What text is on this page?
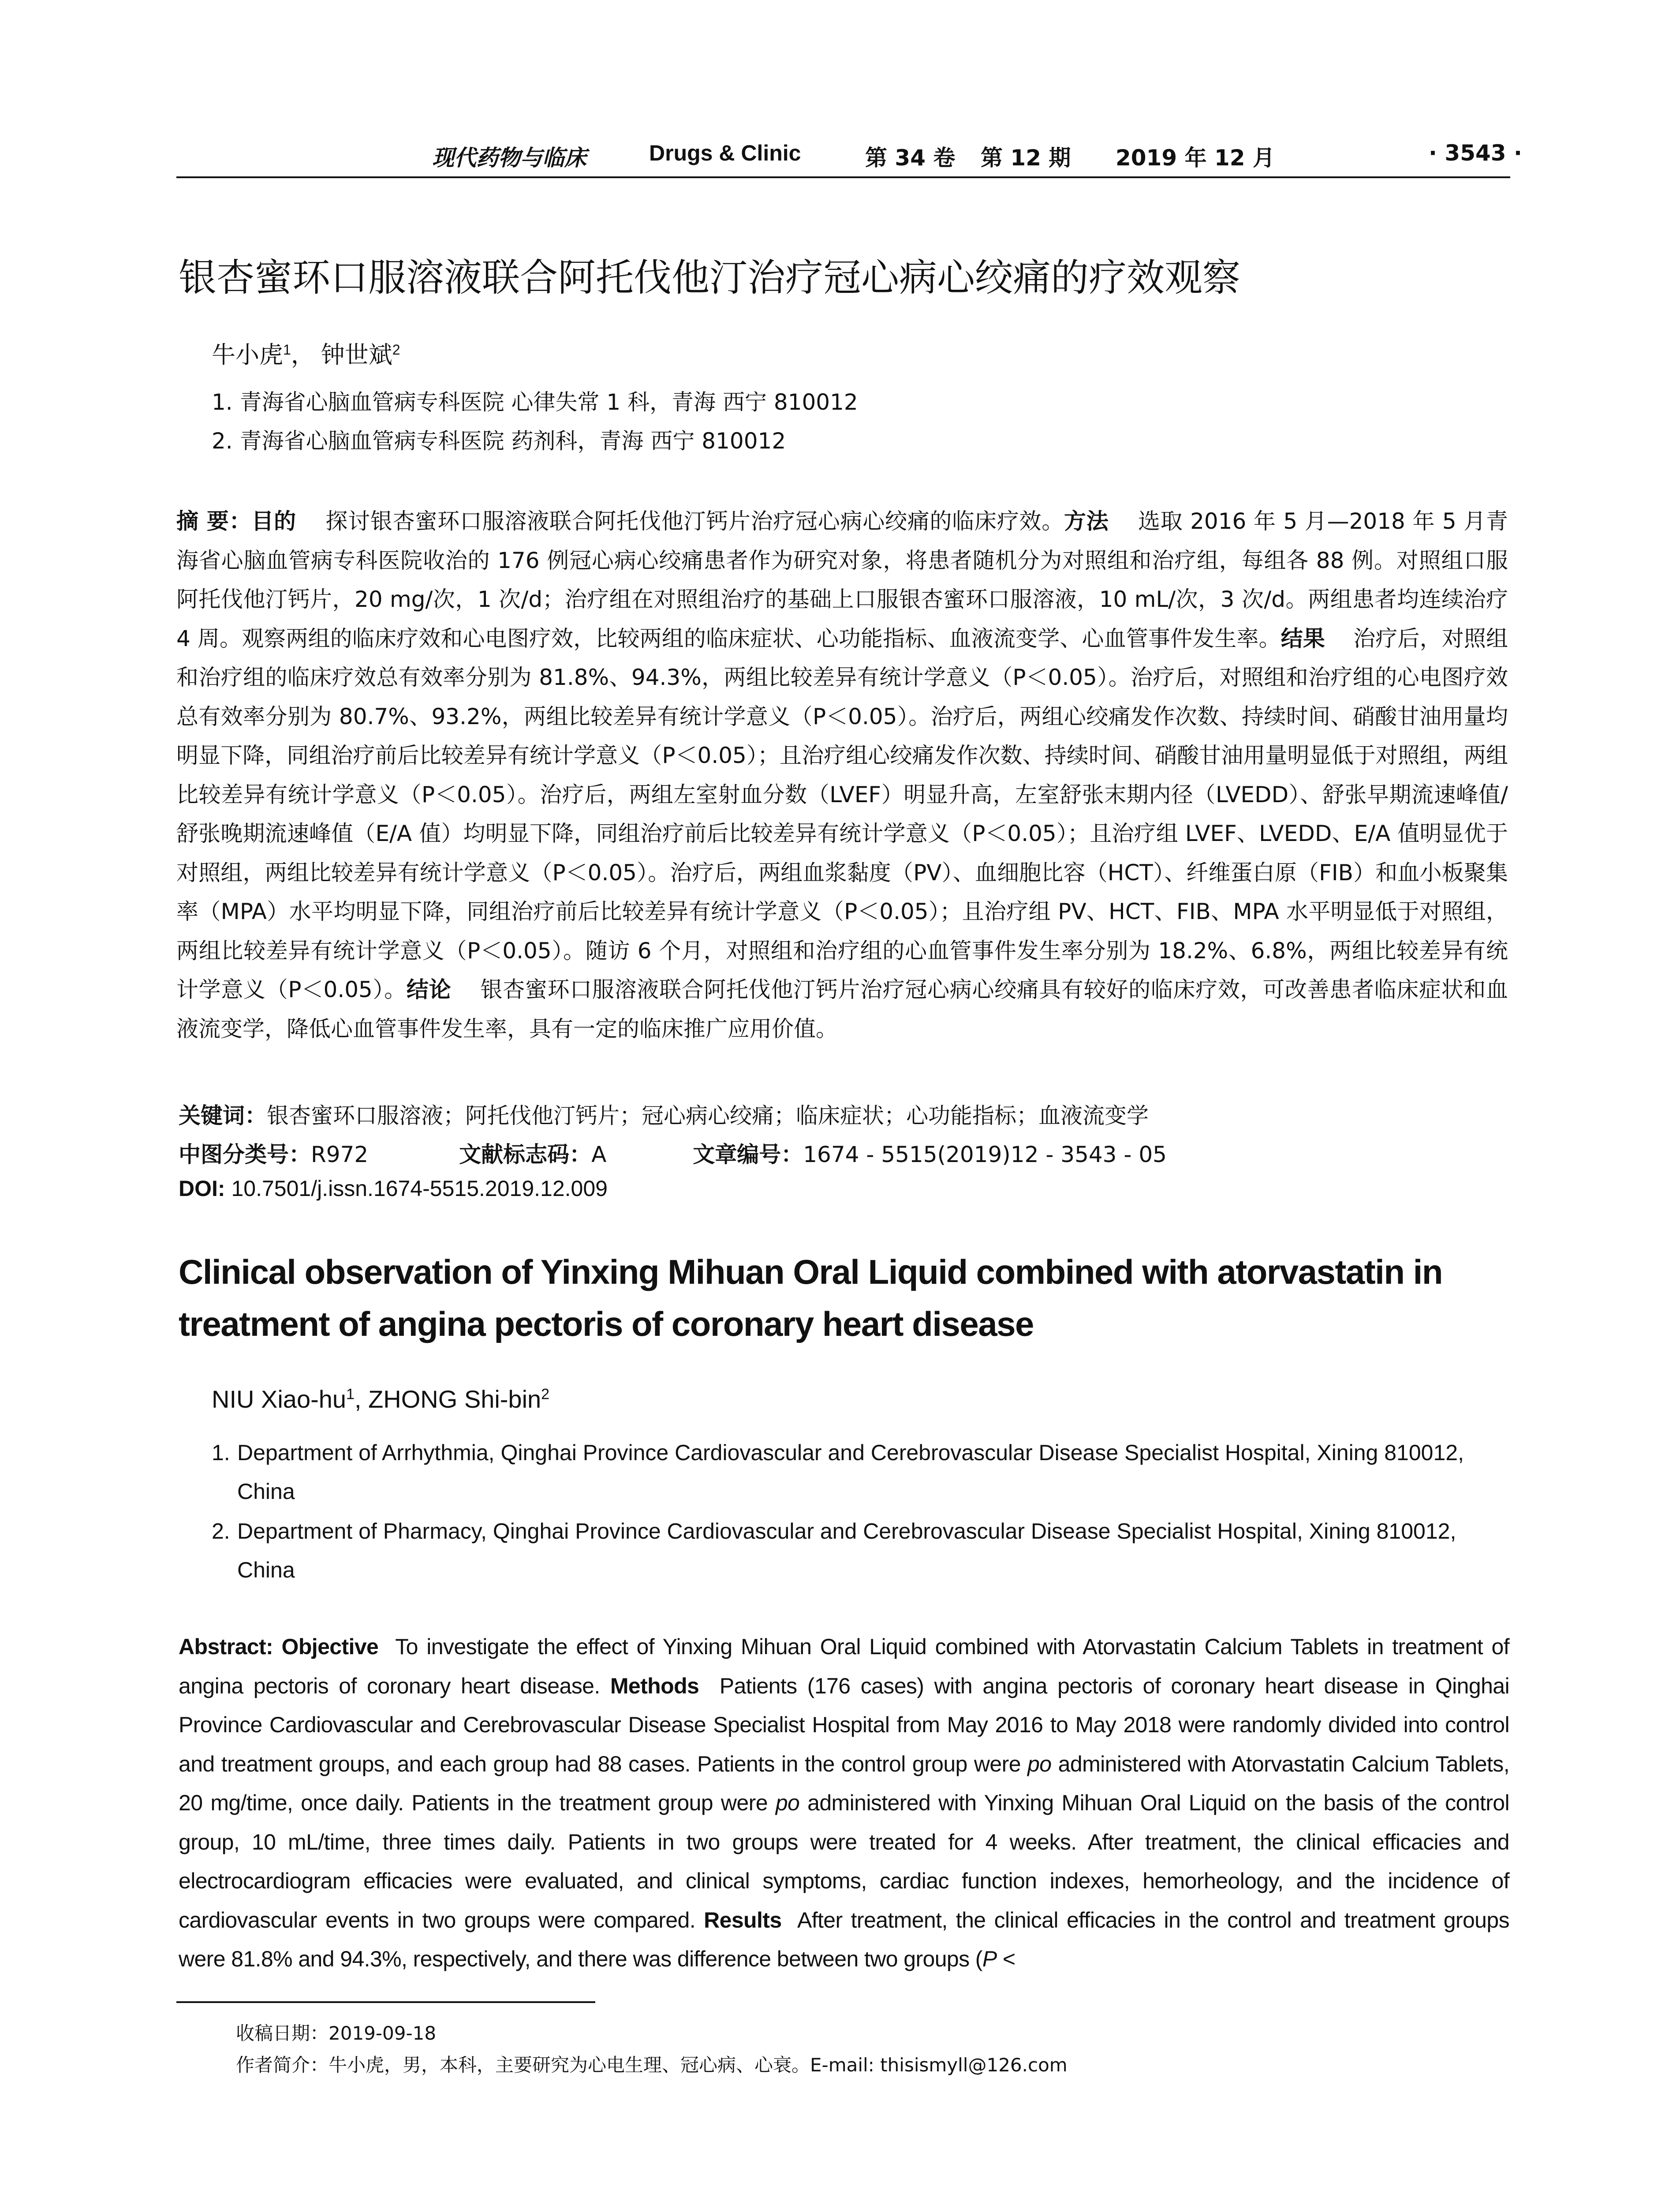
现代药物与临床	Drugs & Clinic	第 34 卷 第 12 期 2019 年 12 月	· 3543 ·
银杏蜜环口服溶液联合阿托伐他汀治疗冠心病心绞痛的疗效观察
牛小虎$^1$， 钟世斌$^2$
1. 青海省心脑血管病专科医院 心律失常 1 科，青海 西宁 810012
2. 青海省心脑血管病专科医院 药剂科，青海 西宁 810012
摘 要：目的    探讨银杏蜜环口服溶液联合阿托伐他汀钙片治疗冠心病心绞痛的临床疗效。方法    选取 2016 年 5 月—2018 年 5 月青海省心脑血管病专科医院收治的 176 例冠心病心绞痛患者作为研究对象，将患者随机分为对照组和治疗组，每组各 88 例。对照组口服阿托伐他汀钙片，20 mg/次，1 次/d；治疗组在对照组治疗的基础上口服银杏蜜环口服溶液，10 mL/次，3 次/d。两组患者均连续治疗 4 周。观察两组的临床疗效和心电图疗效，比较两组的临床症状、心功能指标、血液流变学、心血管事件发生率。结果    治疗后，对照组和治疗组的临床疗效总有效率分别为 81.8%、94.3%，两组比较差异有统计学意义（P＜0.05）。治疗后，对照组和治疗组的心电图疗效总有效率分别为 80.7%、93.2%，两组比较差异有统计学意义（P＜0.05）。治疗后，两组心绞痛发作次数、持续时间、硝酸甘油用量均明显下降，同组治疗前后比较差异有统计学意义（P＜0.05）；且治疗组心绞痛发作次数、持续时间、硝酸甘油用量明显低于对照组，两组比较差异有统计学意义（P＜0.05）。治疗后，两组左室射血分数（LVEF）明显升高，左室舒张末期内径（LVEDD）、舒张早期流速峰值/舒张晚期流速峰值（E/A 值）均明显下降，同组治疗前后比较差异有统计学意义（P＜0.05）；且治疗组 LVEF、LVEDD、E/A 值明显优于对照组，两组比较差异有统计学意义（P＜0.05）。治疗后，两组血浆黏度（PV）、血细胞比容（HCT）、纤维蛋白原（FIB）和血小板聚集率（MPA）水平均明显下降，同组治疗前后比较差异有统计学意义（P＜0.05）；且治疗组 PV、HCT、FIB、MPA 水平明显低于对照组，两组比较差异有统计学意义（P＜0.05）。随访 6 个月，对照组和治疗组的心血管事件发生率分别为 18.2%、6.8%，两组比较差异有统计学意义（P＜0.05）。结论    银杏蜜环口服溶液联合阿托伐他汀钙片治疗冠心病心绞痛具有较好的临床疗效，可改善患者临床症状和血液流变学，降低心血管事件发生率，具有一定的临床推广应用价值。
关键词：银杏蜜环口服溶液；阿托伐他汀钙片；冠心病心绞痛；临床症状；心功能指标；血液流变学
中图分类号：R972	文献标志码：A	文章编号：1674 - 5515(2019)12 - 3543 - 05
DOI: 10.7501/j.issn.1674-5515.2019.12.009
Clinical observation of Yinxing Mihuan Oral Liquid combined with atorvastatin in treatment of angina pectoris of coronary heart disease
NIU Xiao-$hu^1$, ZHONG Shi-bin$^2$
1. Department of Arrhythmia, Qinghai Province Cardiovascular and Cerebrovascular Disease Specialist Hospital, Xining 810012, China
2. Department of Pharmacy, Qinghai Province Cardiovascular and Cerebrovascular Disease Specialist Hospital, Xining 810012, China
Abstract: Objective  To investigate the effect of Yinxing Mihuan Oral Liquid combined with Atorvastatin Calcium Tablets in treatment of angina pectoris of coronary heart disease. Methods  Patients (176 cases) with angina pectoris of coronary heart disease in Qinghai Province Cardiovascular and Cerebrovascular Disease Specialist Hospital from May 2016 to May 2018 were randomly divided into control and treatment groups, and each group had 88 cases. Patients in the control group were po administered with Atorvastatin Calcium Tablets, 20 mg/time, once daily. Patients in the treatment group were po administered with Yinxing Mihuan Oral Liquid on the basis of the control group, 10 mL/time, three times daily. Patients in two groups were treated for 4 weeks. After treatment, the clinical efficacies and electrocardiogram efficacies were evaluated, and clinical symptoms, cardiac function indexes, hemorheology, and the incidence of cardiovascular events in two groups were compared. Results  After treatment, the clinical efficacies in the control and treatment groups were 81.8% and 94.3%, respectively, and there was difference between two groups (P <
收稿日期：2019-09-18
作者简介：牛小虎，男，本科，主要研究为心电生理、冠心病、心衰。E-mail: thisismyll@126.com
